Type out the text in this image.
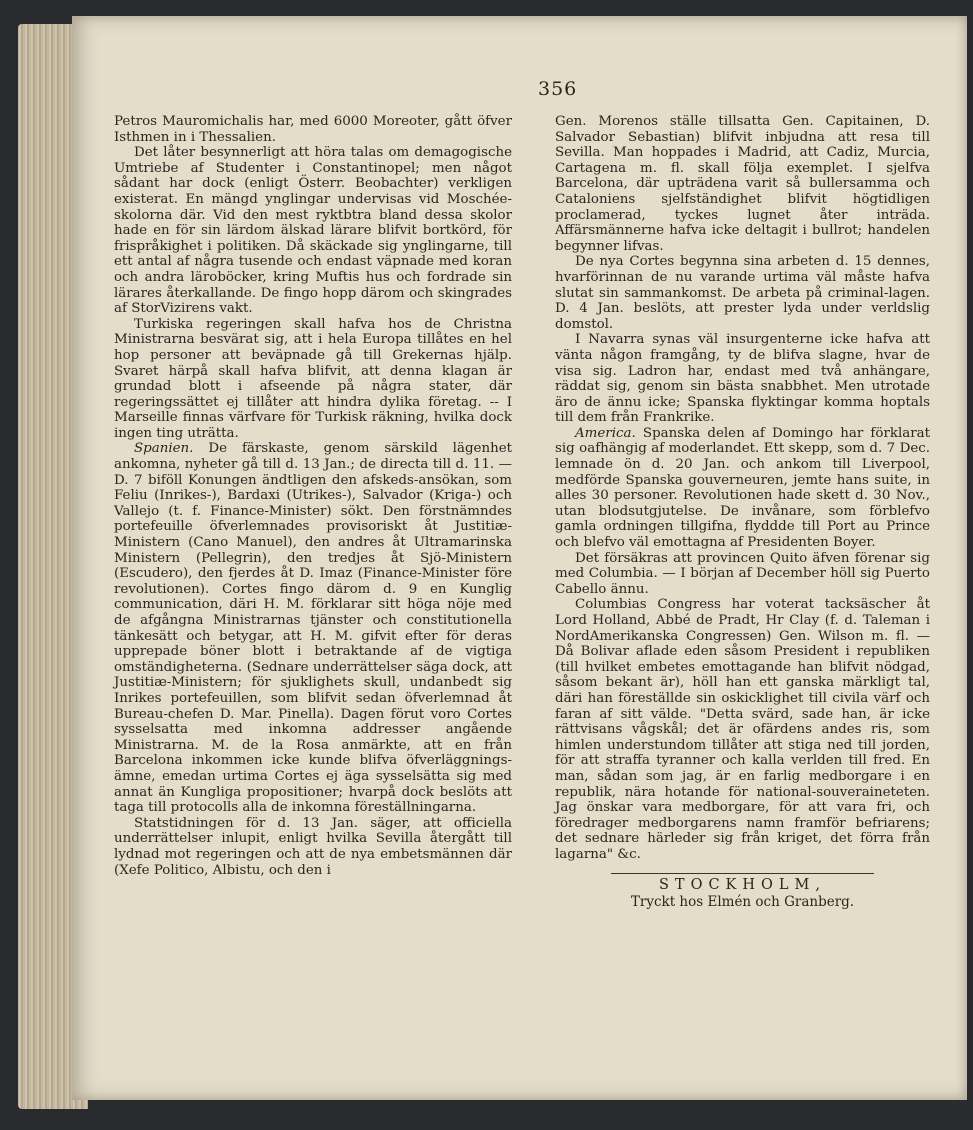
356

Petros Mauromichalis har, med 6000 Moreoter, gått öfver Isthmen in i Thessalien.

Det låter besynnerligt att höra talas om demagogische Umtriebe af Studenter i Constantinopel; men något sådant har dock (enligt Österr. Beobachter) verkligen existerat. En mängd ynglingar undervisas vid Moschée-skolorna där. Vid den mest ryktbtra bland dessa skolor hade en för sin lärdom älskad lärare blifvit bortkörd, för frispråkighet i politiken. Då skäckade sig ynglingarne, till ett antal af några tusende och endast väpnade med koran och andra läroböcker, kring Muftis hus och fordrade sin lärares återkallande. De fingo hopp därom och skingrades af StorVizirens vakt.

Turkiska regeringen skall hafva hos de Christna Ministrarna besvärat sig, att i hela Europa tillåtes en hel hop personer att beväpnade gå till Grekernas hjälp. Svaret härpå skall hafva blifvit, att denna klagan är grundad blott i afseende på några stater, där regeringssättet ej tillåter att hindra dylika företag. -- I Marseille finnas värfvare för Turkisk räkning, hvilka dock ingen ting uträtta.

Spanien. De färskaste, genom särskild lägenhet ankomna, nyheter gå till d. 13 Jan.; de directa till d. 11. — D. 7 biföll Konungen ändtligen den afskeds-ansökan, som Feliu (Inrikes-), Bardaxi (Utrikes-), Salvador (Kriga-) och Vallejo (t. f. Finance-Minister) sökt. Den förstnämndes portefeuille öfverlemnades provisoriskt åt Justitiæ-Ministern (Cano Manuel), den andres åt Ultramarinska Ministern (Pellegrin), den tredjes åt Sjö-Ministern (Escudero), den fjerdes åt D. Imaz (Finance-Minister före revolutionen). Cortes fingo därom d. 9 en Kunglig communication, däri H. M. förklarar sitt höga nöje med de afgångna Ministrarnas tjänster och constitutionella tänkesätt och betygar, att H. M. gifvit efter för deras upprepade böner blott i betraktande af de vigtiga omständigheterna. (Sednare underrättelser säga dock, att Justitiæ-Ministern; för sjuklighets skull, undanbedt sig Inrikes portefeuillen, som blifvit sedan öfverlemnad åt Bureau-chefen D. Mar. Pinella). Dagen förut voro Cortes sysselsatta med inkomna addresser angående Ministrarna. M. de la Rosa anmärkte, att en från Barcelona inkommen icke kunde blifva öfverläggnings-ämne, emedan urtima Cortes ej äga sysselsätta sig med annat än Kungliga propositioner; hvarpå dock beslöts att taga till protocolls alla de inkomna föreställningarna.

Statstidningen för d. 13 Jan. säger, att officiella underrättelser inlupit, enligt hvilka Sevilla återgått till lydnad mot regeringen och att de nya embetsmännen där (Xefe Politico, Albistu, och den i

Gen. Morenos ställe tillsatta Gen. Capitainen, D. Salvador Sebastian) blifvit inbjudna att resa till Sevilla. Man hoppades i Madrid, att Cadiz, Murcia, Cartagena m. fl. skall följa exemplet. I sjelfva Barcelona, där upträdena varit så bullersamma och Cataloniens sjelfständighet blifvit högtidligen proclamerad, tyckes lugnet åter inträda. Affärsmännerne hafva icke deltagit i bullrot; handelen begynner lifvas.

De nya Cortes begynna sina arbeten d. 15 dennes, hvarförinnan de nu varande urtima väl måste hafva slutat sin sammankomst. De arbeta på criminal-lagen. D. 4 Jan. beslöts, att prester lyda under verldslig domstol.

I Navarra synas väl insurgenterne icke hafva att vänta någon framgång, ty de blifva slagne, hvar de visa sig. Ladron har, endast med två anhängare, räddat sig, genom sin bästa snabbhet. Men utrotade äro de ännu icke; Spanska flyktingar komma hoptals till dem från Frankrike.

America. Spanska delen af Domingo har förklarat sig oafhängig af moderlandet. Ett skepp, som d. 7 Dec. lemnade ön d. 20 Jan. och ankom till Liverpool, medförde Spanska gouverneuren, jemte hans suite, in alles 30 personer. Revolutionen hade skett d. 30 Nov., utan blodsutgjutelse. De invånare, som förblefvo gamla ordningen tillgifna, flyddde till Port au Prince och blefvo väl emottagna af Presidenten Boyer.

Det försäkras att provincen Quito äfven förenar sig med Columbia. — I början af December höll sig Puerto Cabello ännu.

Columbias Congress har voterat tacksäscher åt Lord Holland, Abbé de Pradt, Hr Clay (f. d. Taleman i NordAmerikanska Congressen) Gen. Wilson m. fl. — Då Bolivar aflade eden såsom President i republiken (till hvilket embetes emottagande han blifvit nödgad, såsom bekant är), höll han ett ganska märkligt tal, däri han föreställde sin oskicklighet till civila värf och faran af sitt välde. "Detta svärd, sade han, är icke rättvisans vågskål; det är ofärdens andes ris, som himlen understundom tillåter att stiga ned till jorden, för att straffa tyranner och kalla verlden till fred. En man, sådan som jag, är en farlig medborgare i en republik, nära hotande för national-souveraineteten. Jag önskar vara medborgare, för att vara fri, och föredrager medborgarens namn framför befriarens; det sednare härleder sig från kriget, det förra från lagarna" &c.

STOCKHOLM,
Tryckt hos Elmén och Granberg.
